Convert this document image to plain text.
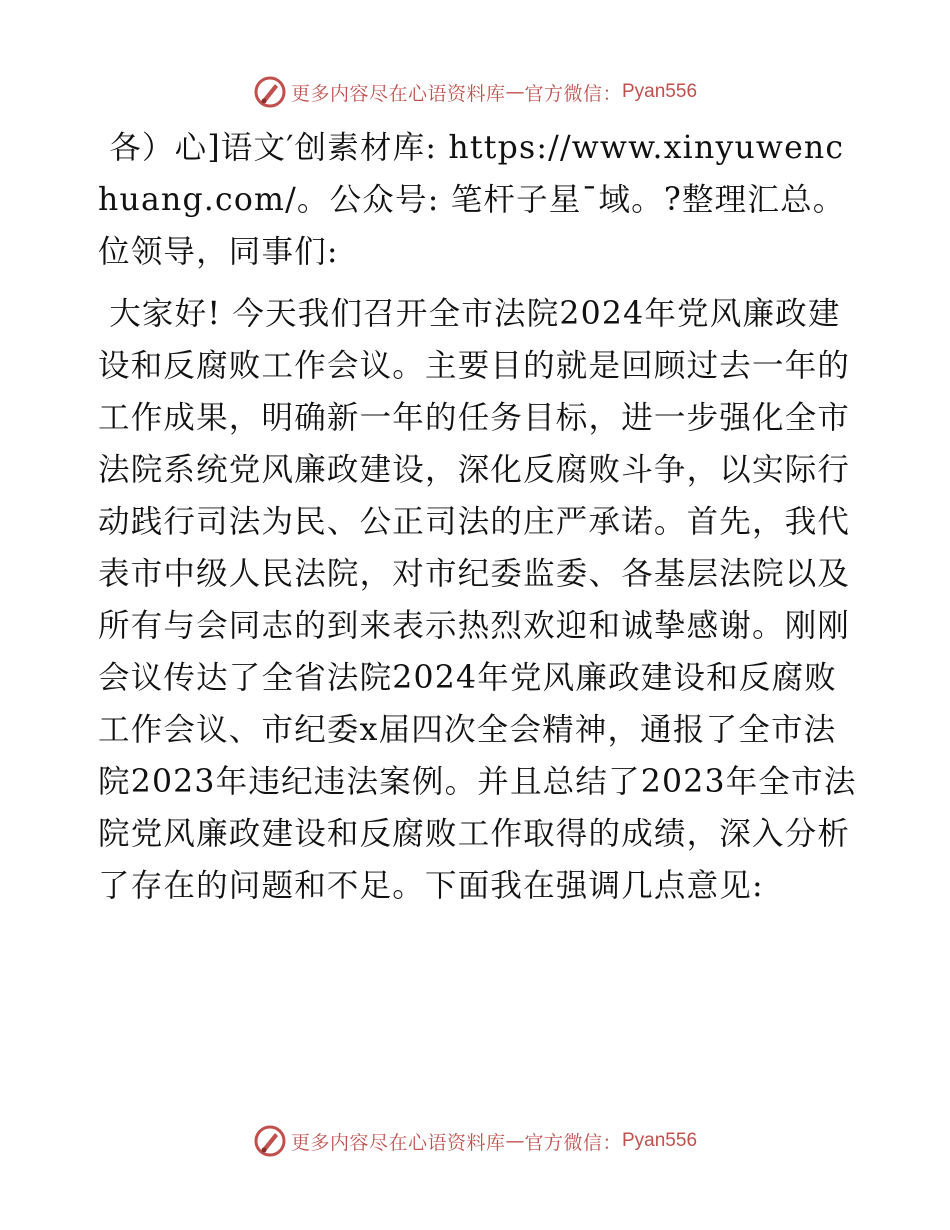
更多内容尽在心语资料库 — 官方微信： Pyan556

各）心]语文′创素材库: https://www.xinyuwenchuang.com/。公众号: 笔杆子星¯域。?整理汇总。位领导，同事们:

大家好! 今天我们召开全市法院2024年党风廉政建设和反腐败工作会议。主要目的就是回顾过去一年的工作成果，明确新一年的任务目标，进一步强化全市法院系统党风廉政建设，深化反腐败斗争，以实际行动践行司法为民、公正司法的庄严承诺。首先，我代表市中级人民法院，对市纪委监委、各基层法院以及所有与会同志的到来表示热烈欢迎和诚挚感谢。刚刚会议传达了全省法院2024年党风廉政建设和反腐败工作会议、市纪委x届四次全会精神，通报了全市法院2023年违纪违法案例。并且总结了2023年全市法院党风廉政建设和反腐败工作取得的成绩，深入分析了存在的问题和不足。下面我在强调几点意见:

更多内容尽在心语资料库 — 官方微信： Pyan556
